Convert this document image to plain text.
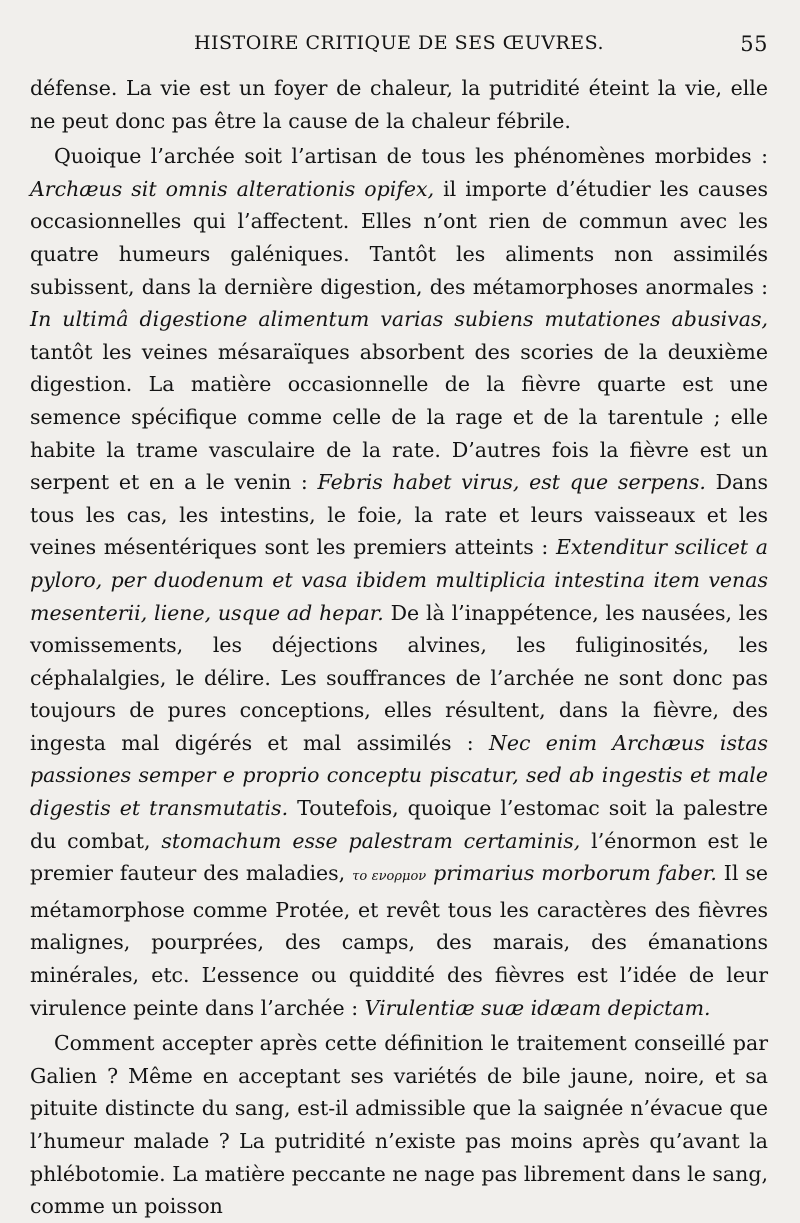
HISTOIRE CRITIQUE DE SES ŒUVRES.	55

défense. La vie est un foyer de chaleur, la putridité éteint la vie, elle ne peut donc pas être la cause de la chaleur fébrile.

Quoique l’archée soit l’artisan de tous les phénomènes morbides : Archæus sit omnis alterationis opifex, il importe d’étudier les causes occasionnelles qui l’affectent. Elles n’ont rien de commun avec les quatre humeurs galéniques. Tantôt les aliments non assimilés subissent, dans la dernière digestion, des métamorphoses anormales : In ultimâ digestione alimentum varias subiens mutationes abusivas, tantôt les veines mésaraïques absorbent des scories de la deuxième digestion. La matière occasionnelle de la fièvre quarte est une semence spécifique comme celle de la rage et de la tarentule ; elle habite la trame vasculaire de la rate. D’autres fois la fièvre est un serpent et en a le venin : Febris habet virus, est que serpens. Dans tous les cas, les intestins, le foie, la rate et leurs vaisseaux et les veines mésentériques sont les premiers atteints : Extenditur scilicet a pyloro, per duodenum et vasa ibidem multiplicia intestina item venas mesenterii, liene, usque ad hepar. De là l’inappétence, les nausées, les vomissements, les déjections alvines, les fuliginosités, les céphalalgies, le délire. Les souffrances de l’archée ne sont donc pas toujours de pures conceptions, elles résultent, dans la fièvre, des ingesta mal digérés et mal assimilés : Nec enim Archæus istas passiones semper e proprio conceptu piscatur, sed ab ingestis et male digestis et transmutatis. Toutefois, quoique l’estomac soit la palestre du combat, stomachum esse palestram certaminis, l’énormon est le premier fauteur des maladies, το ενορμον primarius morborum faber. Il se métamorphose comme Protée, et revêt tous les caractères des fièvres malignes, pourprées, des camps, des marais, des émanations minérales, etc. L’essence ou quiddité des fièvres est l’idée de leur virulence peinte dans l’archée : Virulentiæ suæ idæam depictam.

Comment accepter après cette définition le traitement conseillé par Galien ? Même en acceptant ses variétés de bile jaune, noire, et sa pituite distincte du sang, est-il admissible que la saignée n’évacue que l’humeur malade ? La putridité n’existe pas moins après qu’avant la phlébotomie. La matière peccante ne nage pas librement dans le sang, comme un poisson
